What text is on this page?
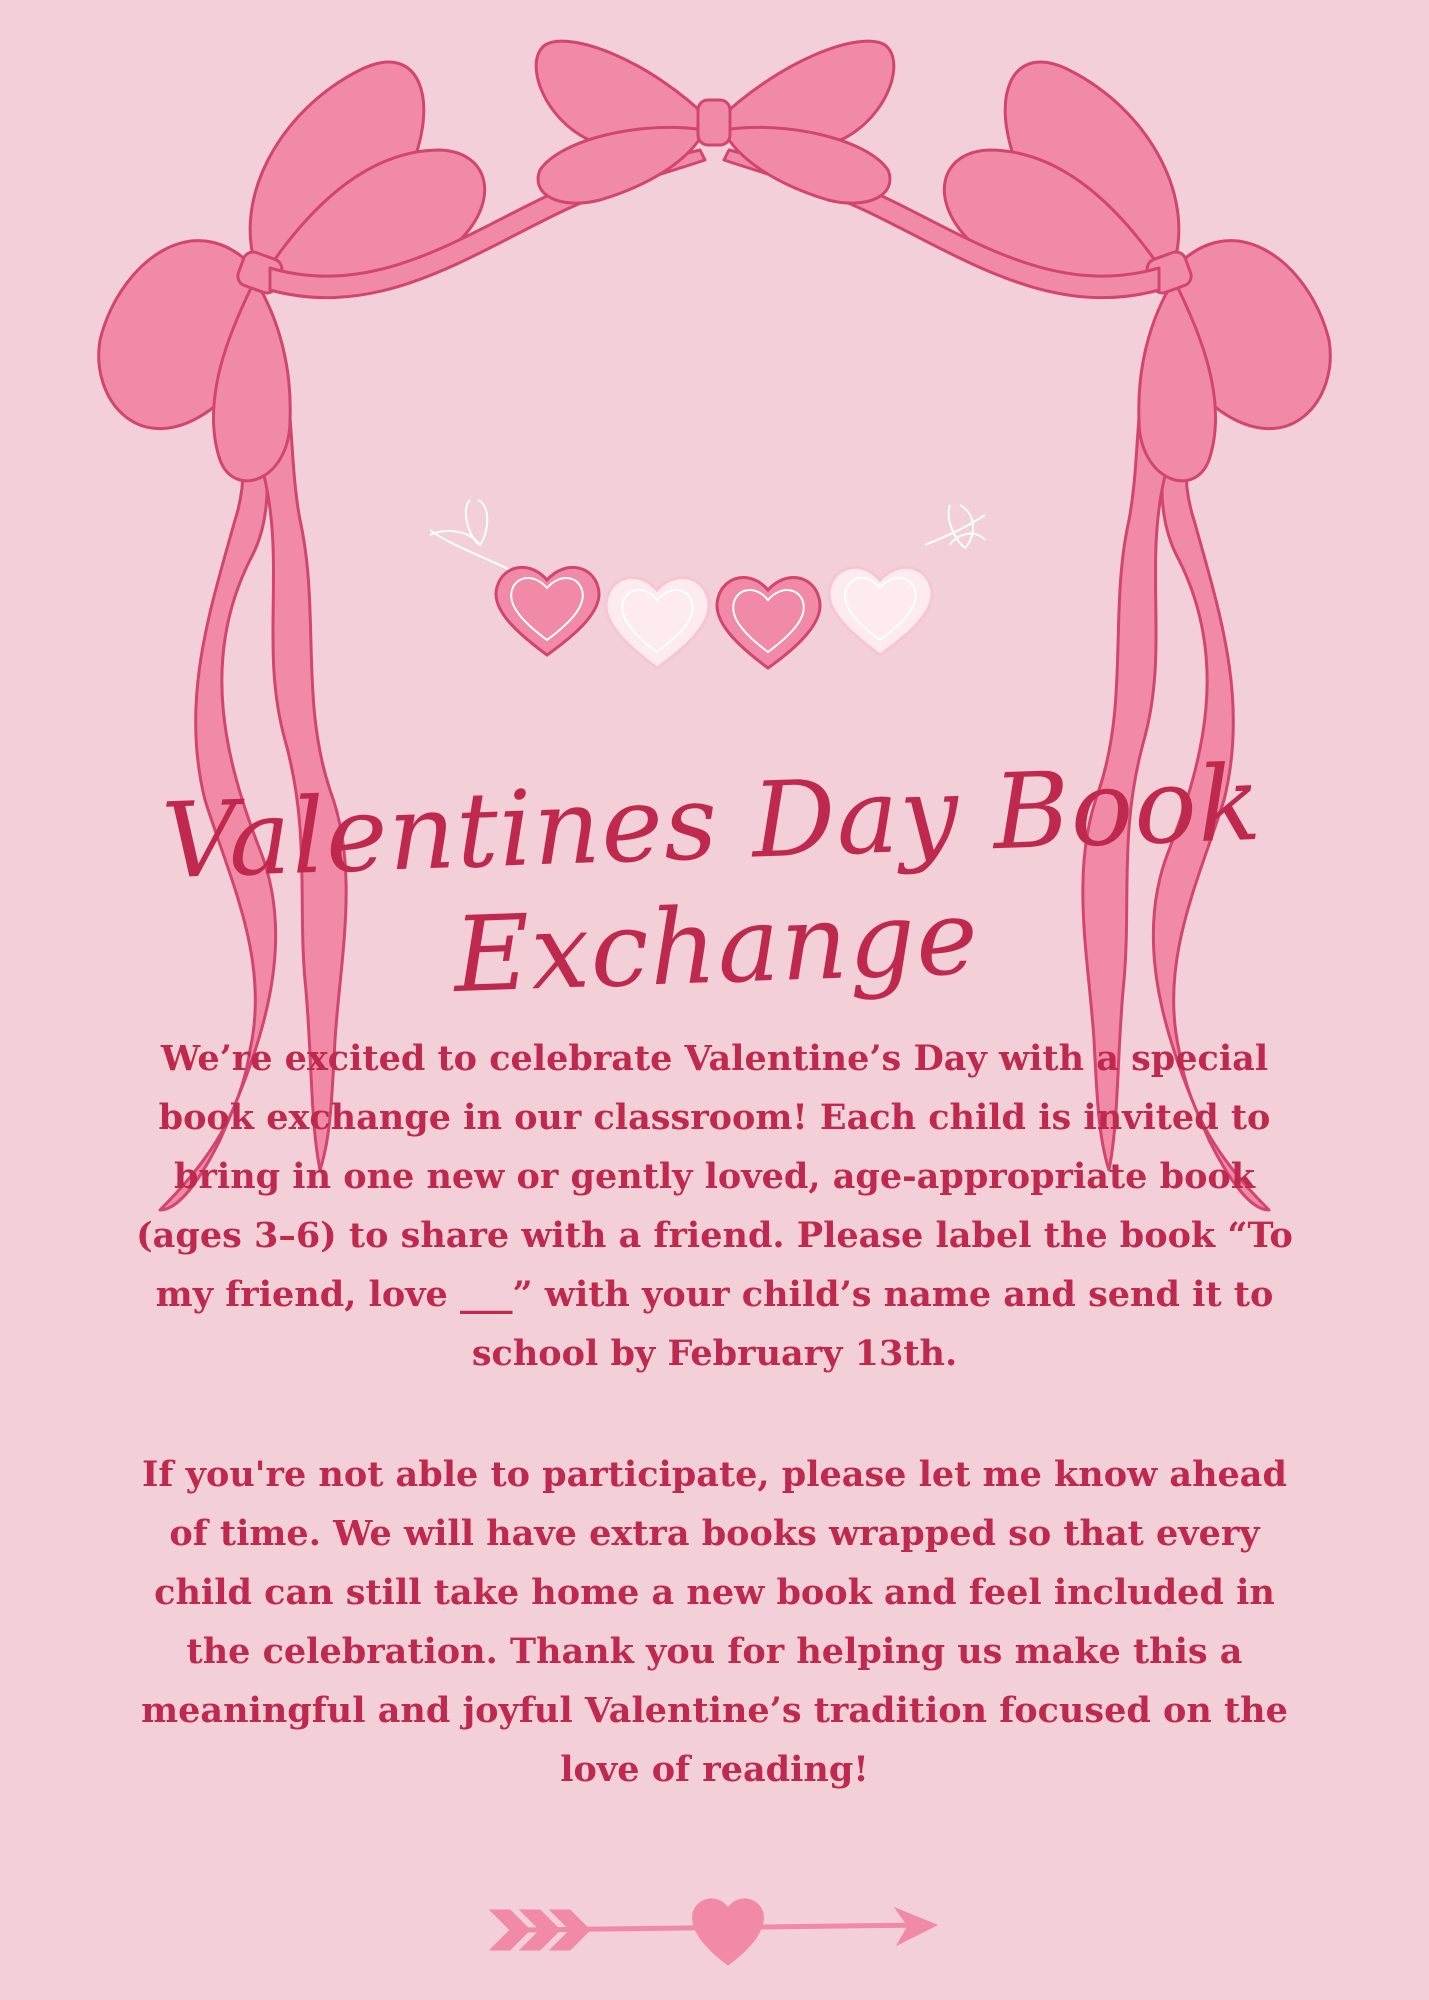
Valentines Day Book
Exchange

We’re excited to celebrate Valentine’s Day with a special book exchange in our classroom! Each child is invited to bring in one new or gently loved, age-appropriate book (ages 3–6) to share with a friend. Please label the book “To my friend, love ___” with your child’s name and send it to school by February 13th.

If you're not able to participate, please let me know ahead of time. We will have extra books wrapped so that every child can still take home a new book and feel included in the celebration. Thank you for helping us make this a meaningful and joyful Valentine’s tradition focused on the love of reading!
